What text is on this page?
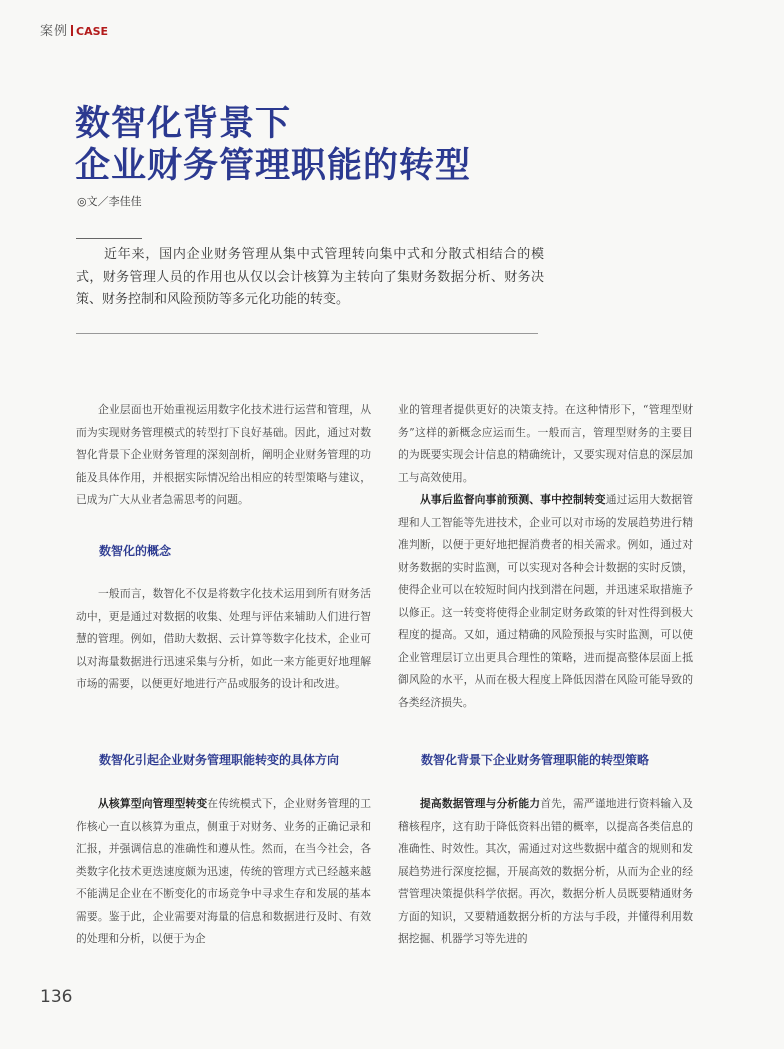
案例 CASE
数智化背景下
企业财务管理职能的转型
◎文／李佳佳
近年来，国内企业财务管理从集中式管理转向集中式和分散式相结合的模式，财务管理人员的作用也从仅以会计核算为主转向了集财务数据分析、财务决策、财务控制和风险预防等多元化功能的转变。

企业层面也开始重视运用数字化技术进行运营和管理，从而为实现财务管理模式的转型打下良好基础。因此，通过对数智化背景下企业财务管理的深刻剖析，阐明企业财务管理的功能及具体作用，并根据实际情况给出相应的转型策略与建议，已成为广大从业者急需思考的问题。

数智化的概念

一般而言，数智化不仅是将数字化技术运用到所有财务活动中，更是通过对数据的收集、处理与评估来辅助人们进行智慧的管理。例如，借助大数据、云计算等数字化技术，企业可以对海量数据进行迅速采集与分析，如此一来方能更好地理解市场的需要，以便更好地进行产品或服务的设计和改进。

数智化引起企业财务管理职能转变的具体方向

从核算型向管理型转变在传统模式下，企业财务管理的工作核心一直以核算为重点，侧重于对财务、业务的正确记录和汇报，并强调信息的准确性和遵从性。然而，在当今社会，各类数字化技术更迭速度颇为迅速，传统的管理方式已经越来越不能满足企业在不断变化的市场竞争中寻求生存和发展的基本需要。鉴于此，企业需要对海量的信息和数据进行及时、有效的处理和分析，以便于为企

业的管理者提供更好的决策支持。在这种情形下，“管理型财务”这样的新概念应运而生。一般而言，管理型财务的主要目的为既要实现会计信息的精确统计，又要实现对信息的深层加工与高效使用。

从事后监督向事前预测、事中控制转变通过运用大数据管理和人工智能等先进技术，企业可以对市场的发展趋势进行精准判断，以便于更好地把握消费者的相关需求。例如，通过对财务数据的实时监测，可以实现对各种会计数据的实时反馈，使得企业可以在较短时间内找到潜在问题，并迅速采取措施予以修正。这一转变将使得企业制定财务政策的针对性得到极大程度的提高。又如，通过精确的风险预报与实时监测，可以使企业管理层订立出更具合理性的策略，进而提高整体层面上抵御风险的水平，从而在极大程度上降低因潜在风险可能导致的各类经济损失。

数智化背景下企业财务管理职能的转型策略

提高数据管理与分析能力首先，需严谨地进行资料输入及稽核程序，这有助于降低资料出错的概率，以提高各类信息的准确性、时效性。其次，需通过对这些数据中蕴含的规则和发展趋势进行深度挖掘，开展高效的数据分析，从而为企业的经营管理决策提供科学依据。再次，数据分析人员既要精通财务方面的知识，又要精通数据分析的方法与手段，并懂得利用数据挖掘、机器学习等先进的

136
